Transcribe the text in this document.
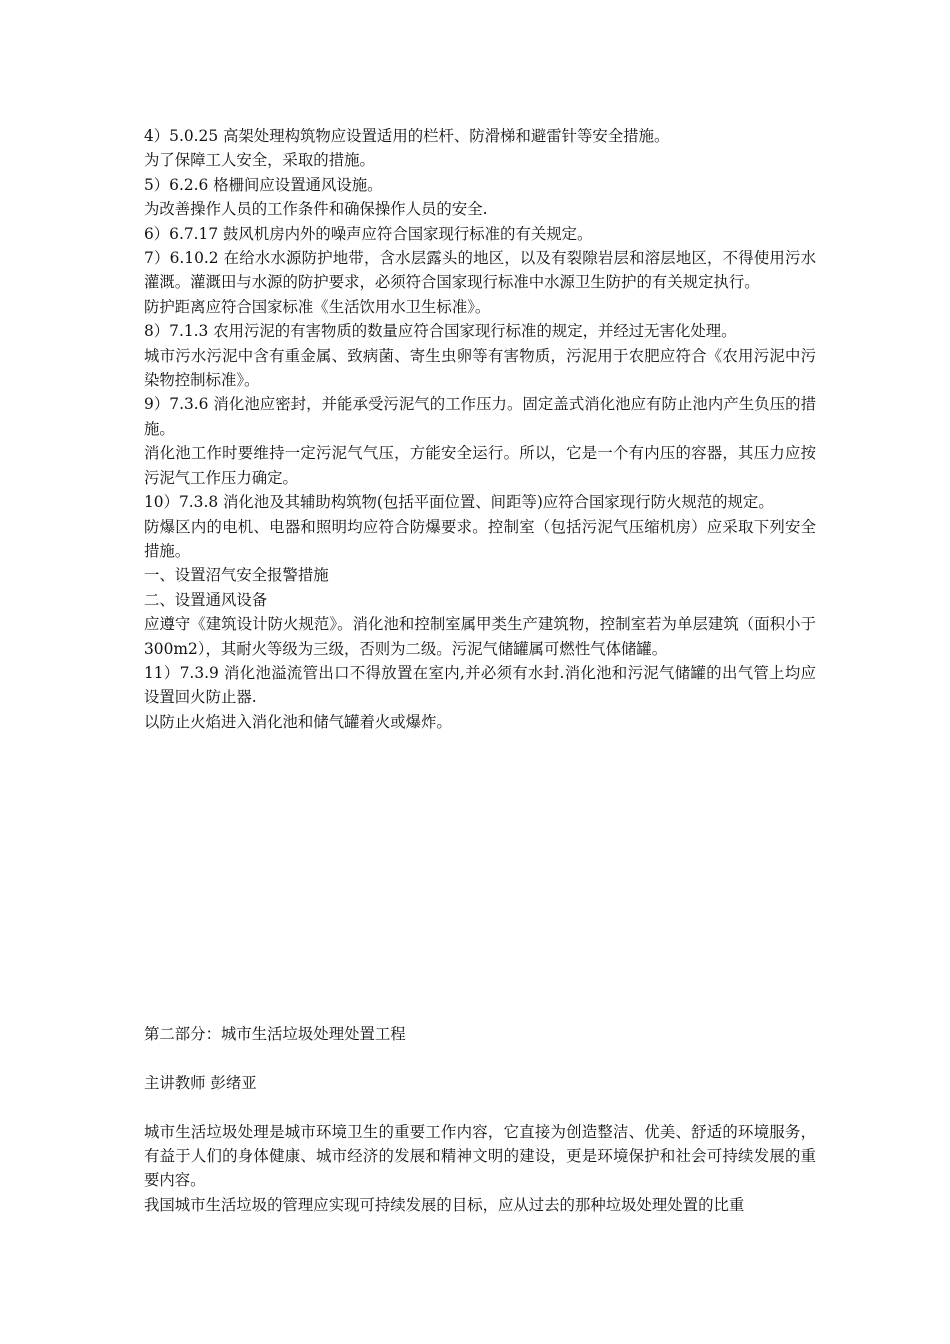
4）5.0.25 高架处理构筑物应设置适用的栏杆、防滑梯和避雷针等安全措施。

为了保障工人安全，采取的措施。

5）6.2.6 格栅间应设置通风设施。

为改善操作人员的工作条件和确保操作人员的安全.

6）6.7.17 鼓风机房内外的噪声应符合国家现行标准的有关规定。

7）6.10.2 在给水水源防护地带，含水层露头的地区，以及有裂隙岩层和溶层地区，不得使用污水灌溉。灌溉田与水源的防护要求，必须符合国家现行标准中水源卫生防护的有关规定执行。

防护距离应符合国家标准《生活饮用水卫生标准》。

8）7.1.3 农用污泥的有害物质的数量应符合国家现行标准的规定，并经过无害化处理。

城市污水污泥中含有重金属、致病菌、寄生虫卵等有害物质，污泥用于农肥应符合《农用污泥中污染物控制标准》。

9）7.3.6 消化池应密封，并能承受污泥气的工作压力。固定盖式消化池应有防止池内产生负压的措施。

消化池工作时要维持一定污泥气气压，方能安全运行。所以，它是一个有内压的容器，其压力应按污泥气工作压力确定。

10）7.3.8 消化池及其辅助构筑物(包括平面位置、间距等)应符合国家现行防火规范的规定。

防爆区内的电机、电器和照明均应符合防爆要求。控制室（包括污泥气压缩机房）应采取下列安全措施。

一、设置沼气安全报警措施

二、设置通风设备

应遵守《建筑设计防火规范》。消化池和控制室属甲类生产建筑物，控制室若为单层建筑（面积小于 300m2），其耐火等级为三级，否则为二级。污泥气储罐属可燃性气体储罐。

11）7.3.9 消化池溢流管出口不得放置在室内,并必须有水封.消化池和污泥气储罐的出气管上均应设置回火防止器.

以防止火焰进入消化池和储气罐着火或爆炸。

第二部分：城市生活垃圾处理处置工程

主讲教师 彭绪亚

城市生活垃圾处理是城市环境卫生的重要工作内容，它直接为创造整洁、优美、舒适的环境服务，有益于人们的身体健康、城市经济的发展和精神文明的建设，更是环境保护和社会可持续发展的重要内容。

我国城市生活垃圾的管理应实现可持续发展的目标，应从过去的那种垃圾处理处置的比重
